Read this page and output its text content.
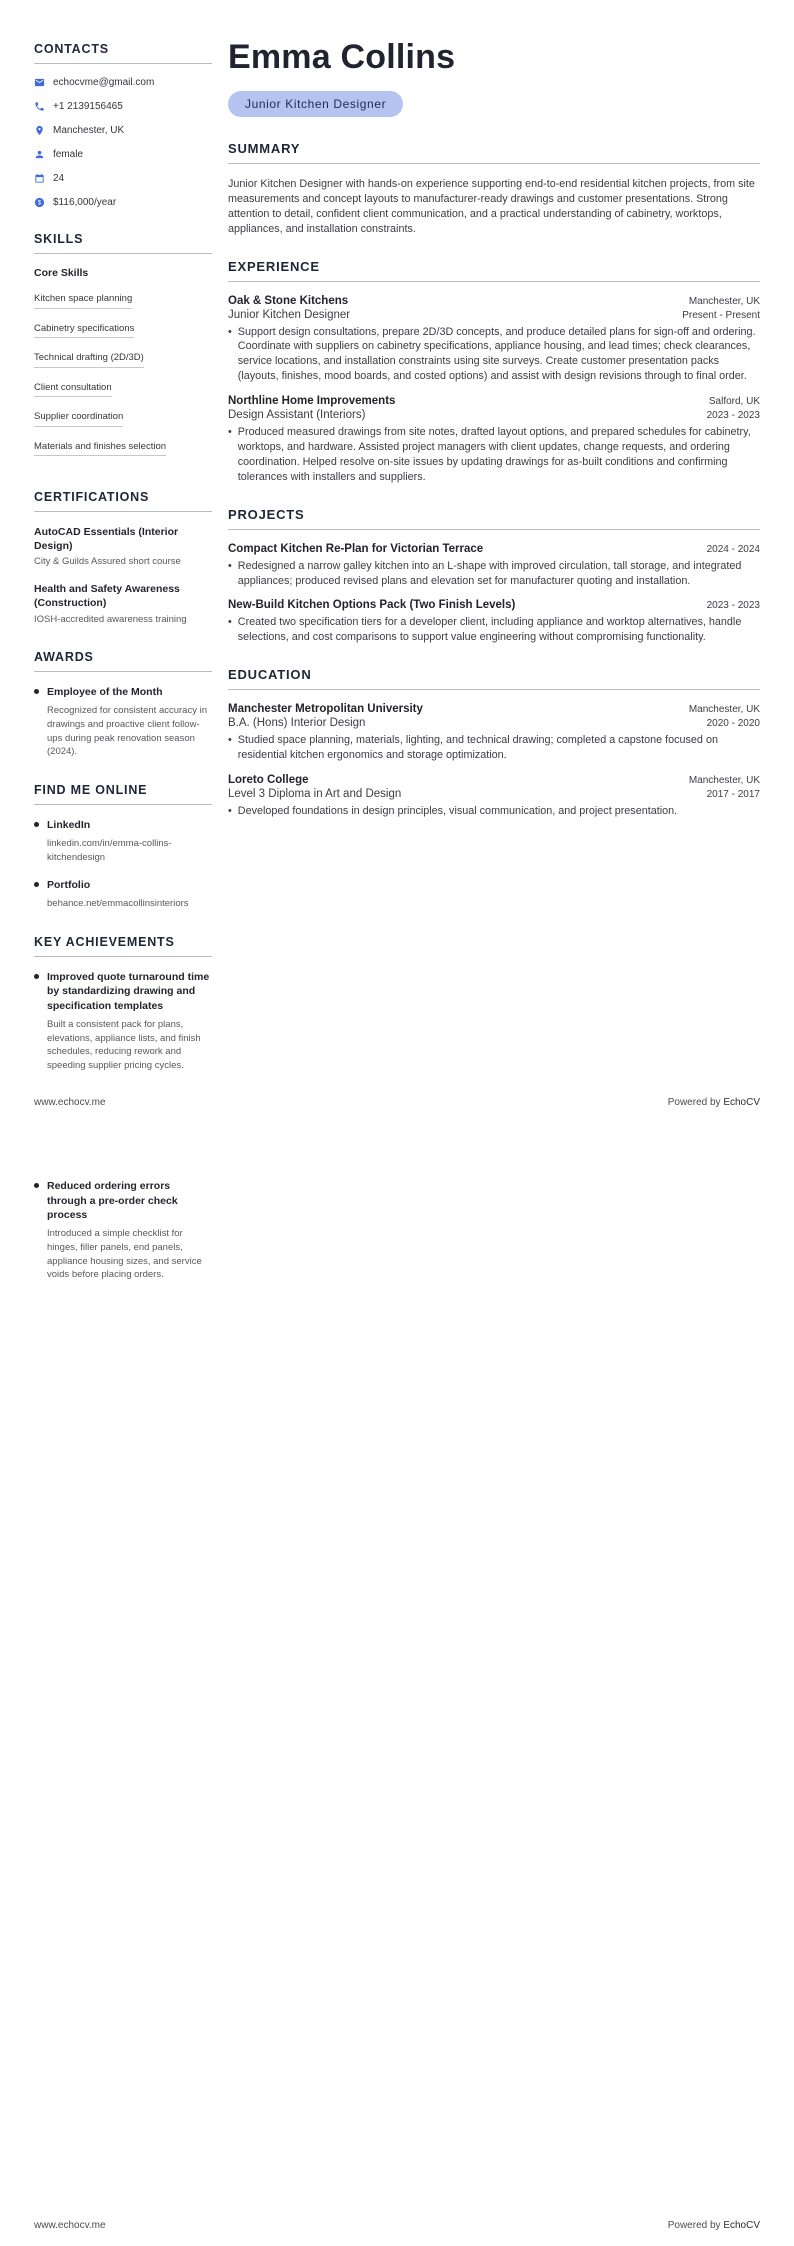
CONTACTS
echocvme@gmail.com
+1 2139156465
Manchester, UK
female
24
$ $116,000/year
SKILLS
Core Skills
Kitchen space planning Cabinetry specifications Technical drafting (2D/3D) Client consultation Supplier coordination Materials and finishes selection
CERTIFICATIONS
AutoCAD Essentials (Interior Design)
City & Guilds Assured short course
Health and Safety Awareness (Construction)
IOSH-accredited awareness training
AWARDS
Employee of the Month
Recognized for consistent accuracy in drawings and proactive client follow-ups during peak renovation season (2024).
FIND ME ONLINE
LinkedIn
linkedin.com/in/emma-collins-kitchendesign
Portfolio
behance.net/emmacollinsinteriors
KEY ACHIEVEMENTS
Improved quote turnaround time by standardizing drawing and specification templates
Built a consistent pack for plans, elevations, appliance lists, and finish schedules, reducing rework and speeding supplier pricing cycles.
Emma Collins
Junior Kitchen Designer
SUMMARY

Junior Kitchen Designer with hands-on experience supporting end-to-end residential kitchen projects, from site measurements and concept layouts to manufacturer-ready drawings and customer presentations. Strong attention to detail, confident client communication, and a practical understanding of cabinetry, worktops, appliances, and installation constraints.

EXPERIENCE
Oak & Stone Kitchens	Manchester, UK
Junior Kitchen Designer	Present - Present
• Support design consultations, prepare 2D/3D concepts, and produce detailed plans for sign-off and ordering. Coordinate with suppliers on cabinetry specifications, appliance housing, and lead times; check clearances, service locations, and installation constraints using site surveys. Create customer presentation packs (layouts, finishes, mood boards, and costed options) and assist with design revisions through to final order.
Northline Home Improvements	Salford, UK
Design Assistant (Interiors)	2023 - 2023
• Produced measured drawings from site notes, drafted layout options, and prepared schedules for cabinetry, worktops, and hardware. Assisted project managers with client updates, change requests, and ordering coordination. Helped resolve on-site issues by updating drawings for as-built conditions and confirming tolerances with installers and suppliers.
PROJECTS
Compact Kitchen Re-Plan for Victorian Terrace	2024 - 2024
• Redesigned a narrow galley kitchen into an L-shape with improved circulation, tall storage, and integrated appliances; produced revised plans and elevation set for manufacturer quoting and installation.
New-Build Kitchen Options Pack (Two Finish Levels)	2023 - 2023
• Created two specification tiers for a developer client, including appliance and worktop alternatives, handle selections, and cost comparisons to support value engineering without compromising functionality.
EDUCATION
Manchester Metropolitan University	Manchester, UK
B.A. (Hons) Interior Design	2020 - 2020
• Studied space planning, materials, lighting, and technical drawing; completed a capstone focused on residential kitchen ergonomics and storage optimization.
Loreto College	Manchester, UK
Level 3 Diploma in Art and Design	2017 - 2017
• Developed foundations in design principles, visual communication, and project presentation.
www.echocv.me	Powered by EchoCV
Reduced ordering errors through a pre-order check process
Introduced a simple checklist for hinges, filler panels, end panels, appliance housing sizes, and service voids before placing orders.
www.echocv.me	Powered by EchoCV
